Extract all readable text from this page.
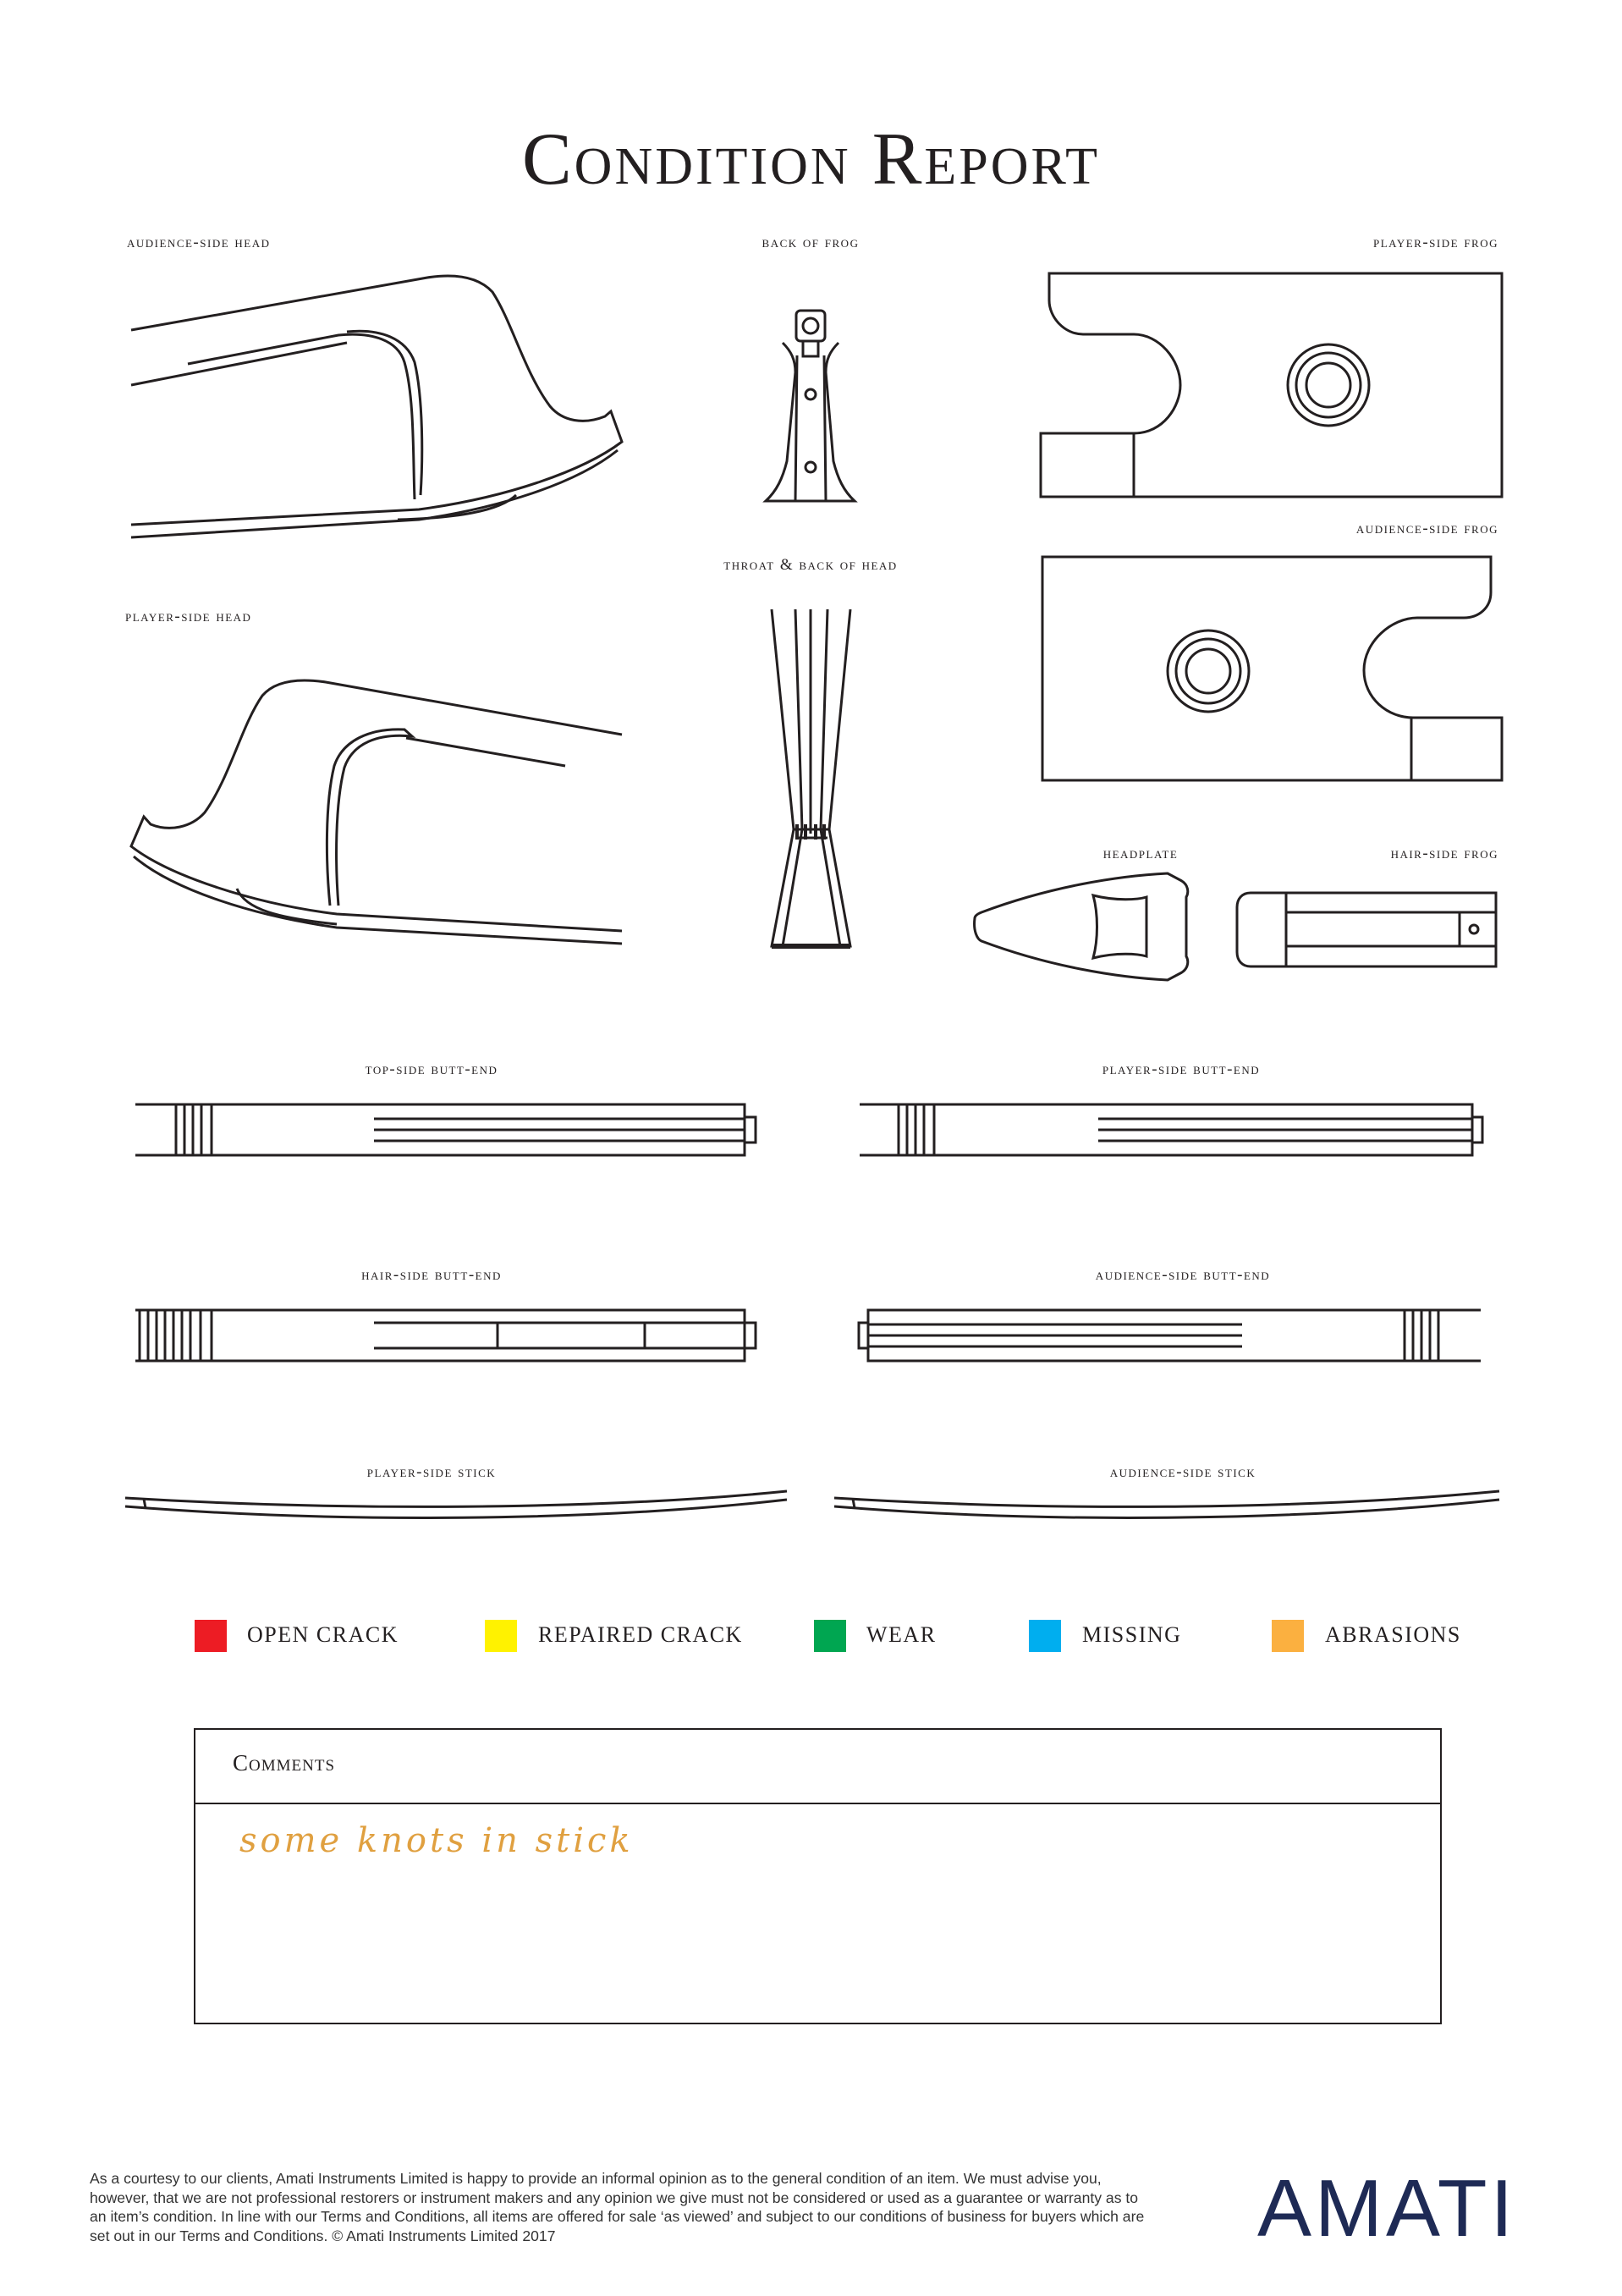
Condition Report
audience-side head	back of frog	player-side frog
throat & back of head
audience-side frog
player-side head
headplate	hair-side frog
top-side butt-end	player-side butt-end
hair-side butt-end	audience-side butt-end
player-side stick	audience-side stick
OPEN CRACK	REPAIRED CRACK	WEAR	MISSING	ABRASIONS
Comments
some knots in stick
As a courtesy to our clients, Amati Instruments Limited is happy to provide an informal opinion as to the general condition of an item. We must advise you, however, that we are not professional restorers or instrument makers and any opinion we give must not be considered or used as a guarantee or warranty as to an item’s condition. In line with our Terms and Conditions, all items are offered for sale ‘as viewed’ and subject to our conditions of business for buyers which are set out in our Terms and Conditions. © Amati Instruments Limited 2017	AMATI
